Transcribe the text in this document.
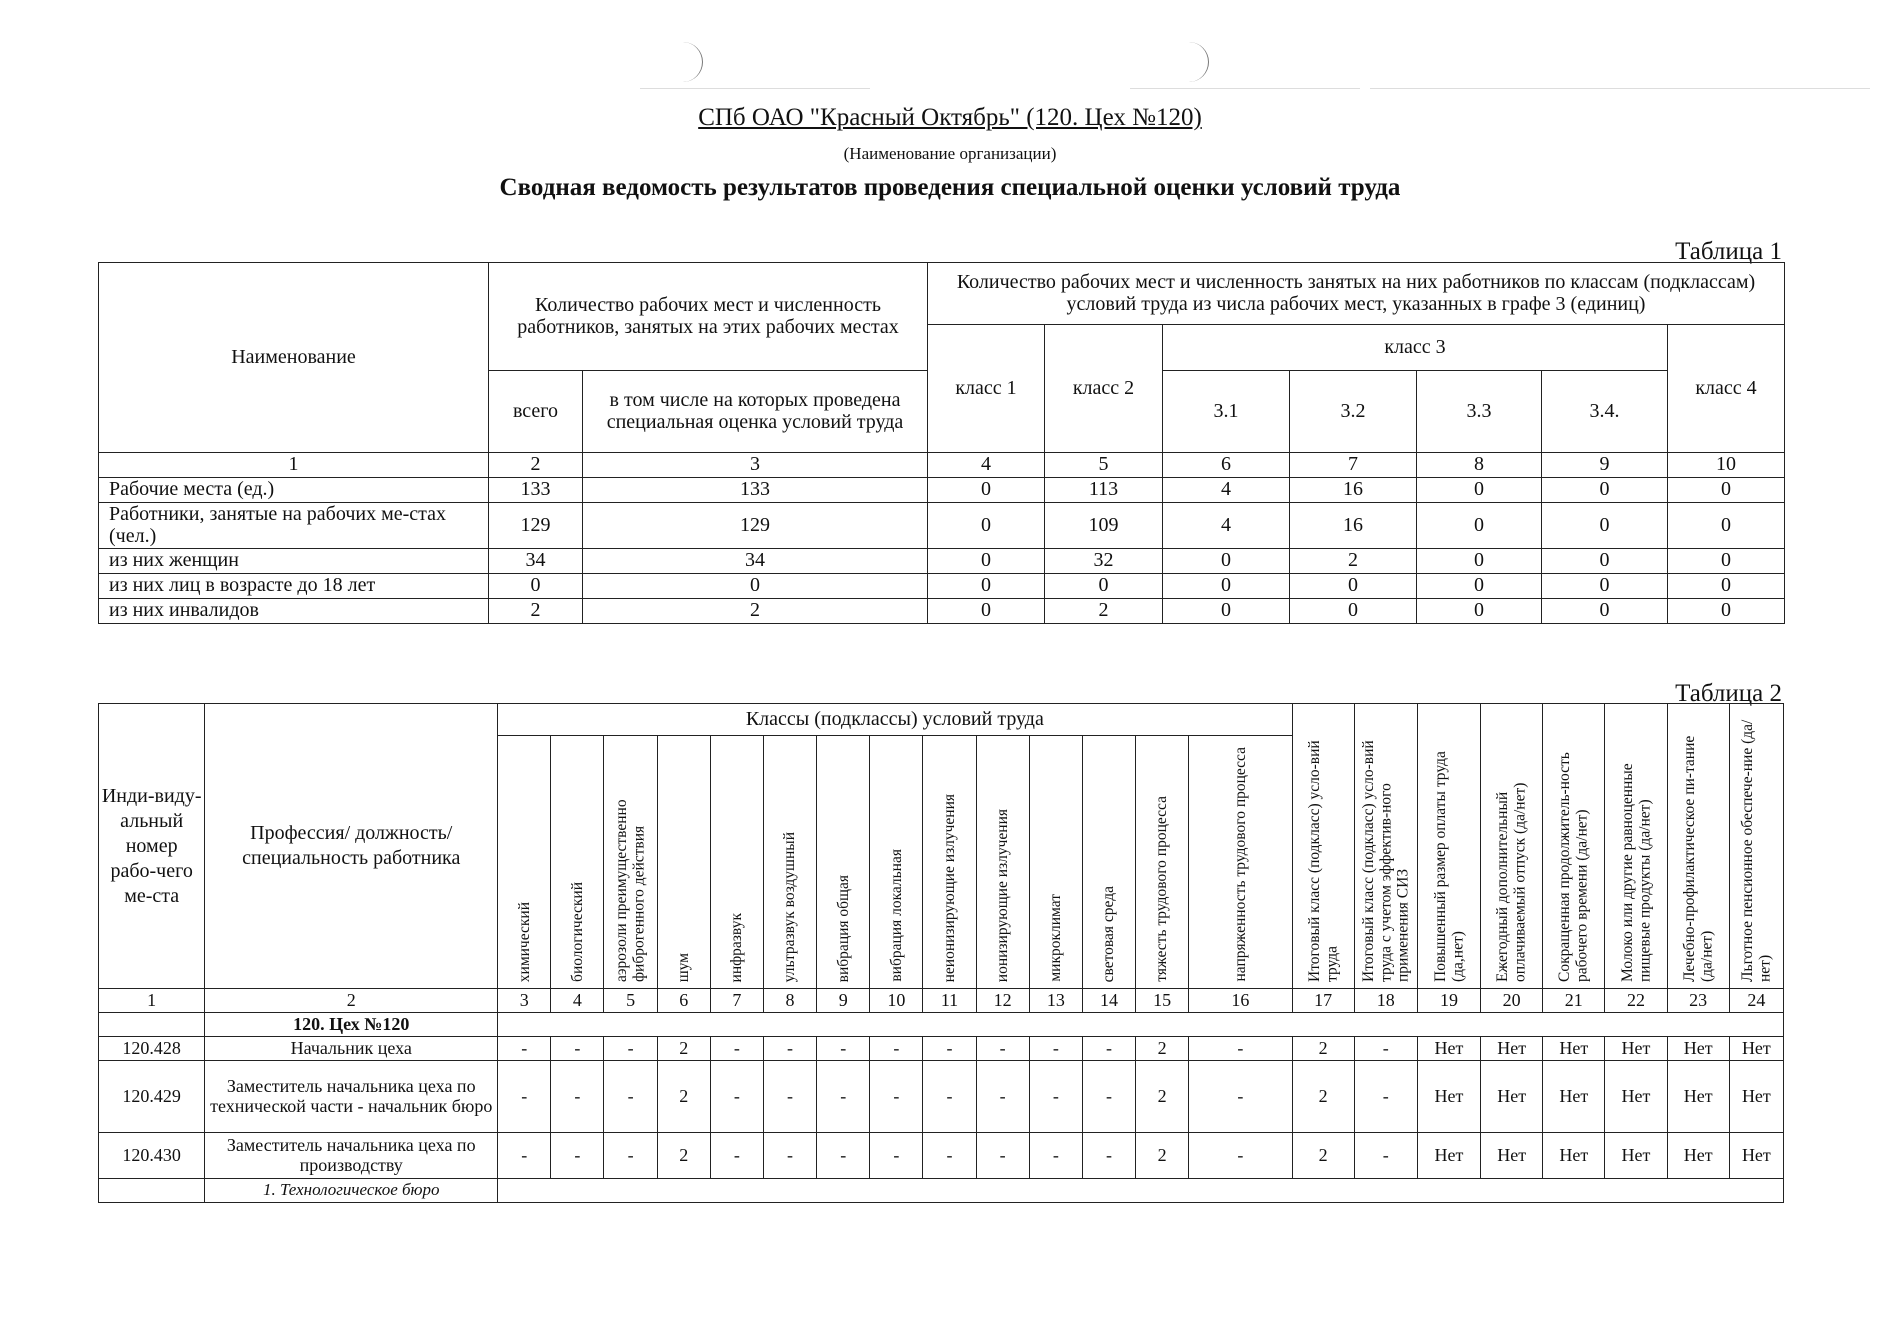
СПб ОАО "Красный Октябрь" (120. Цех №120)
(Наименование организации)
Сводная ведомость результатов проведения специальной оценки условий труда
Таблица 1
Наименование	Количество рабочих мест и численность работников, занятых на этих рабочих местах		Количество рабочих мест и численность занятых на них работников по классам (подклассам) условий труда из числа рабочих мест, указанных в графе 3 (единиц)						
			класс 1	класс 2	класс 3				класс 4
	всего	в том числе на которых проведена специальная оценка условий труда			3.1	3.2	3.3	3.4.	
1	2	3	4	5	6	7	8	9	10
Рабочие места (ед.)	133	133	0	113	4	16	0	0	0
Работники, занятые на рабочих ме-стах (чел.)	129	129	0	109	4	16	0	0	0
из них женщин	34	34	0	32	0	2	0	0	0
из них лиц в возрасте до 18 лет	0	0	0	0	0	0	0	0	0
из них инвалидов	2	2	0	2	0	0	0	0	0
Таблица 2
Инди-виду-альный номер рабо-чего ме-ста	Профессия/ должность/ специальность работника	Классы (подклассы) условий труда														Итоговый класс (подкласс) усло-вий труда	Итоговый класс (подкласс) усло-вий труда с учетом эффектив-ного применения СИЗ	Повышенный размер оплаты труда (да,нет)	Ежегодный дополнительный оплачиваемый отпуск (да/нет)	Сокращенная продолжитель-ность рабочего времени (да/нет)	Молоко или другие равноценные пищевые продукты (да/нет)	Лечебно-профилактическое пи-тание (да/нет)	Льготное пенсионное обеспече-ние (да/нет)

		химический	биологический	аэрозоли преимущественно фиброгенного действия	шум	инфразвук	ультразвук воздушный	вибрация общая	вибрация локальная	неионизирующие излучения	ионизирующие излучения	микроклимат	световая среда	тяжесть трудового процесса	напряженность трудового процесса								

1	2	3	4	5	6	7	8	9	10	11	12	13	14	15	16	17	18	19	20	21	22	23	24
	120. Цех №120																						
120.428	Начальник цеха	-	-	-	2	-	-	-	-	-	-	-	-	2	-	2	-	Нет	Нет	Нет	Нет	Нет	Нет
120.429	Заместитель начальника цеха по технической части - начальник бюро	-	-	-	2	-	-	-	-	-	-	-	-	2	-	2	-	Нет	Нет	Нет	Нет	Нет	Нет
120.430	Заместитель начальника цеха по производству	-	-	-	2	-	-	-	-	-	-	-	-	2	-	2	-	Нет	Нет	Нет	Нет	Нет	Нет
	1. Технологическое бюро																						
